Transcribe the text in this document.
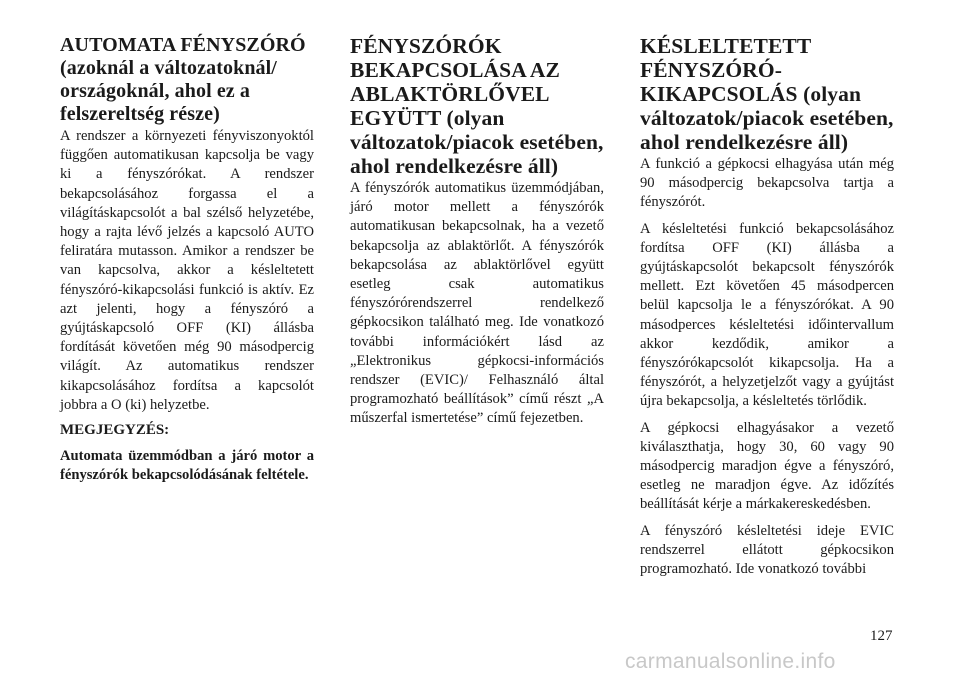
AUTOMATA FÉNYSZÓRÓ (azoknál a változatoknál/ országoknál, ahol ez a felszereltség része)

A rendszer a környezeti fényviszonyoktól függően automatikusan kapcsolja be vagy ki a fényszórókat. A rendszer bekapcsolásához forgassa el a világításkapcsolót a bal szélső helyzetébe, hogy a rajta lévő jelzés a kapcsoló AUTO feliratára mutasson. Amikor a rendszer be van kapcsolva, akkor a késleltetett fényszóró-kikapcsolási funkció is aktív. Ez azt jelenti, hogy a fényszóró a gyújtáskapcsoló OFF (KI) állásba fordítását követően még 90 másodpercig világít. Az automatikus rendszer kikapcsolásához fordítsa a kapcsolót jobbra a O (ki) helyzetbe.

MEGJEGYZÉS:
Automata üzemmódban a járó motor a fényszórók bekapcsolódásának feltétele.
FÉNYSZÓRÓK BEKAPCSOLÁSA AZ ABLAKTÖRLŐVEL EGYÜTT (olyan változatok/piacok esetében, ahol rendelkezésre áll)

A fényszórók automatikus üzemmódjában, járó motor mellett a fényszórók automatikusan bekapcsolnak, ha a vezető bekapcsolja az ablaktörlőt. A fényszórók bekapcsolása az ablaktörlővel együtt esetleg csak automatikus fényszórórendszerrel rendelkező gépkocsikon található meg. Ide vonatkozó további információkért lásd az „Elektronikus gépkocsi-információs rendszer (EVIC)/ Felhasználó által programozható beállítások” című részt „A műszerfal ismertetése” című fejezetben.

KÉSLELTETETT FÉNYSZÓRÓ-KIKAPCSOLÁS (olyan változatok/piacok esetében, ahol rendelkezésre áll)

A funkció a gépkocsi elhagyása után még 90 másodpercig bekapcsolva tartja a fényszórót.

A késleltetési funkció bekapcsolásához fordítsa OFF (KI) állásba a gyújtáskapcsolót bekapcsolt fényszórók mellett. Ezt követően 45 másodpercen belül kapcsolja le a fényszórókat. A 90 másodperces késleltetési időintervallum akkor kezdődik, amikor a fényszórókapcsolót kikapcsolja. Ha a fényszórót, a helyzetjelzőt vagy a gyújtást újra bekapcsolja, a késleltetés törlődik.

A gépkocsi elhagyásakor a vezető kiválaszthatja, hogy 30, 60 vagy 90 másodpercig maradjon égve a fényszóró, esetleg ne maradjon égve. Az időzítés beállítását kérje a márkakereskedésben.

A fényszóró késleltetési ideje EVIC rendszerrel ellátott gépkocsikon programozható. Ide vonatkozó további

127
carmanualsonline.info
